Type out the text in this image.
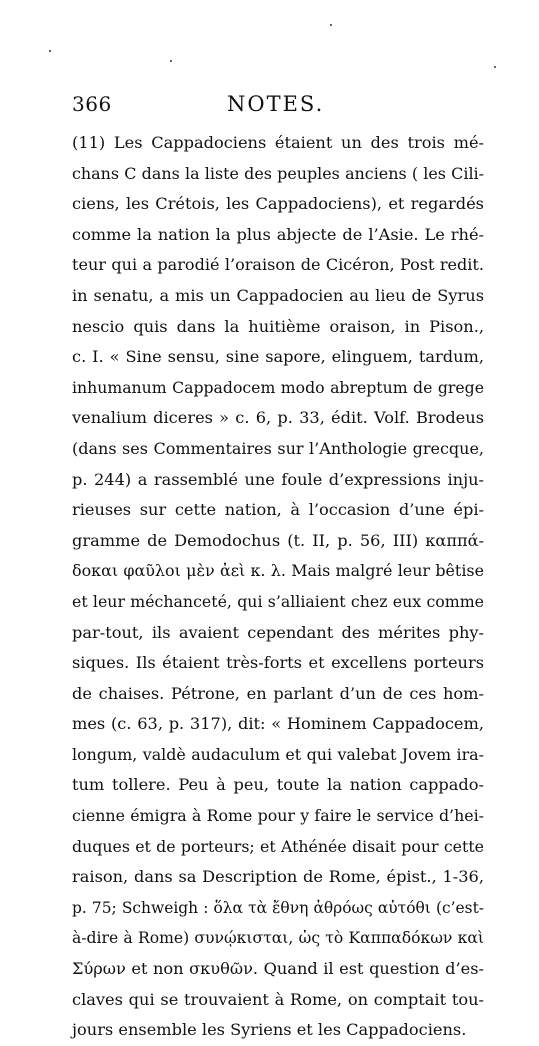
366	NOTES.
(11) Les Cappadociens étaient un des trois mé-
chans C dans la liste des peuples anciens ( les Cili-
ciens, les Crétois, les Cappadociens), et regardés
comme la nation la plus abjecte de l’Asie. Le rhé-
teur qui a parodié l’oraison de Cicéron, Post redit.
in senatu, a mis un Cappadocien au lieu de Syrus
nescio quis dans la huitième oraison, in Pison.,
c. I. « Sine sensu, sine sapore, elinguem, tardum,
inhumanum Cappadocem modo abreptum de grege
venalium diceres » c. 6, p. 33, édit. Volf. Brodeus
(dans ses Commentaires sur l’Anthologie grecque,
p. 244) a rassemblé une foule d’expressions inju-
rieuses sur cette nation, à l’occasion d’une épi-
gramme de Demodochus (t. II, p. 56, III) καππά-
δοκαι φαῦλοι μὲν ἀεὶ κ. λ. Mais malgré leur bêtise
et leur méchanceté, qui s’alliaient chez eux comme
par-tout, ils avaient cependant des mérites phy-
siques. Ils étaient très-forts et excellens porteurs
de chaises. Pétrone, en parlant d’un de ces hom-
mes (c. 63, p. 317), dit: « Hominem Cappadocem,
longum, valdè audaculum et qui valebat Jovem ira-
tum tollere. Peu à peu, toute la nation cappado-
cienne émigra à Rome pour y faire le service d’hei-
duques et de porteurs; et Athénée disait pour cette
raison, dans sa Description de Rome, épist., 1-36,
p. 75; Schweigh : ὅλα τὰ ἔθνη ἀθρόως αὐτόθι (c’est-
à-dire à Rome) συνῴκισται, ὡς τὸ Καππαδόκων καὶ
Σύρων et non σκυθῶν. Quand il est question d’es-
claves qui se trouvaient à Rome, on comptait tou-
jours ensemble les Syriens et les Cappadociens.
